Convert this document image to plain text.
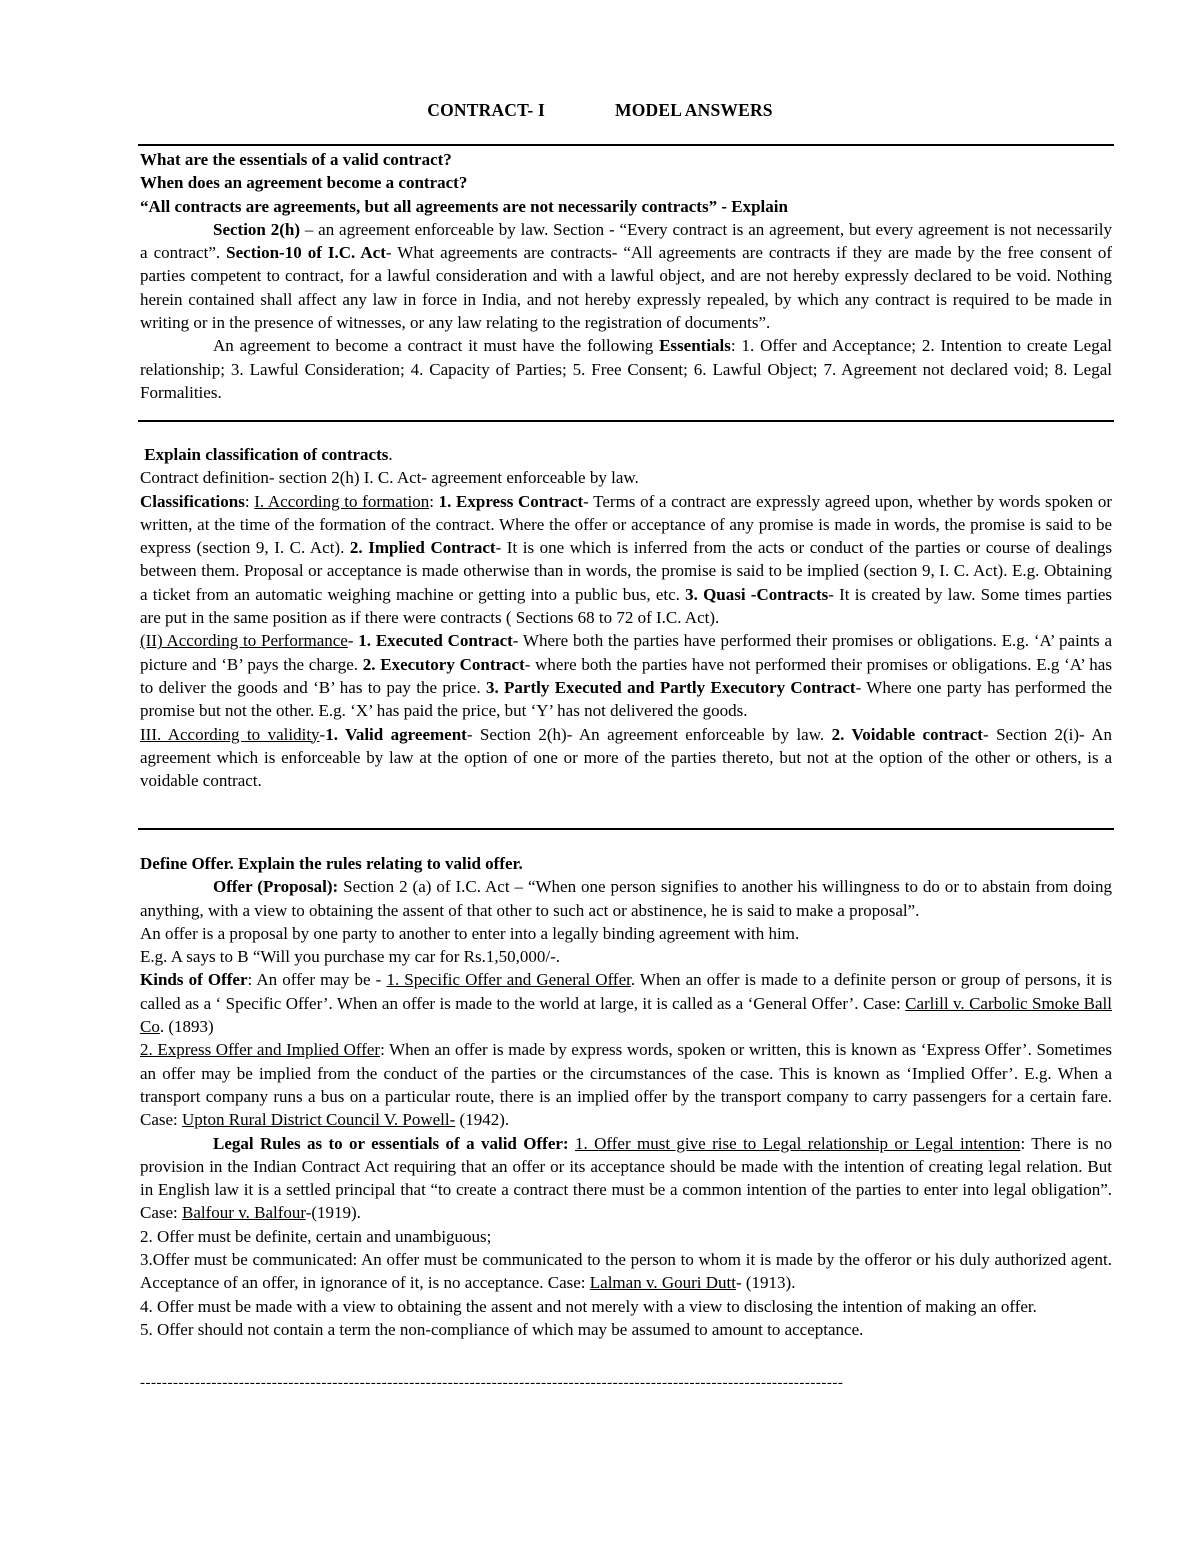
CONTRACT- I	MODEL ANSWERS

What are the essentials of a valid contract?

When does an agreement become a contract?

“All contracts are agreements, but all agreements are not necessarily contracts” - Explain

Section 2(h) – an agreement enforceable by law. Section - “Every contract is an agreement, but every agreement is not necessarily a contract”. Section-10 of I.C. Act- What agreements are contracts- “All agreements are contracts if they are made by the free consent of parties competent to contract, for a lawful consideration and with a lawful object, and are not hereby expressly declared to be void. Nothing herein contained shall affect any law in force in India, and not hereby expressly repealed, by which any contract is required to be made in writing or in the presence of witnesses, or any law relating to the registration of documents”.

An agreement to become a contract it must have the following Essentials: 1. Offer and Acceptance; 2. Intention to create Legal relationship; 3. Lawful Consideration; 4. Capacity of Parties; 5. Free Consent; 6. Lawful Object; 7. Agreement not declared void; 8. Legal Formalities.

Explain classification of contracts.

Contract definition- section 2(h) I. C. Act- agreement enforceable by law.

Classifications: I. According to formation: 1. Express Contract- Terms of a contract are expressly agreed upon, whether by words spoken or written, at the time of the formation of the contract. Where the offer or acceptance of any promise is made in words, the promise is said to be express (section 9, I. C. Act). 2. Implied Contract- It is one which is inferred from the acts or conduct of the parties or course of dealings between them. Proposal or acceptance is made otherwise than in words, the promise is said to be implied (section 9, I. C. Act). E.g. Obtaining a ticket from an automatic weighing machine or getting into a public bus, etc. 3. Quasi -Contracts- It is created by law. Some times parties are put in the same position as if there were contracts ( Sections 68 to 72 of I.C. Act).

(II) According to Performance- 1. Executed Contract- Where both the parties have performed their promises or obligations. E.g. ‘A’ paints a picture and ‘B’ pays the charge. 2. Executory Contract- where both the parties have not performed their promises or obligations. E.g ‘A’ has to deliver the goods and ‘B’ has to pay the price. 3. Partly Executed and Partly Executory Contract- Where one party has performed the promise but not the other. E.g. ‘X’ has paid the price, but ‘Y’ has not delivered the goods.

III. According to validity-1. Valid agreement- Section 2(h)- An agreement enforceable by law. 2. Voidable contract- Section 2(i)- An agreement which is enforceable by law at the option of one or more of the parties thereto, but not at the option of the other or others, is a voidable contract.

Define Offer. Explain the rules relating to valid offer.

Offer (Proposal): Section 2 (a) of I.C. Act – “When one person signifies to another his willingness to do or to abstain from doing anything, with a view to obtaining the assent of that other to such act or abstinence, he is said to make a proposal”.

An offer is a proposal by one party to another to enter into a legally binding agreement with him.

E.g. A says to B “Will you purchase my car for Rs.1,50,000/-.

Kinds of Offer: An offer may be - 1. Specific Offer and General Offer. When an offer is made to a definite person or group of persons, it is called as a ‘ Specific Offer’. When an offer is made to the world at large, it is called as a ‘General Offer’. Case: Carlill v. Carbolic Smoke Ball Co. (1893)

2. Express Offer and Implied Offer: When an offer is made by express words, spoken or written, this is known as ‘Express Offer’. Sometimes an offer may be implied from the conduct of the parties or the circumstances of the case. This is known as ‘Implied Offer’. E.g. When a transport company runs a bus on a particular route, there is an implied offer by the transport company to carry passengers for a certain fare. Case: Upton Rural District Council V. Powell- (1942).

Legal Rules as to or essentials of a valid Offer: 1. Offer must give rise to Legal relationship or Legal intention: There is no provision in the Indian Contract Act requiring that an offer or its acceptance should be made with the intention of creating legal relation. But in English law it is a settled principal that “to create a contract there must be a common intention of the parties to enter into legal obligation”. Case: Balfour v. Balfour-(1919).

2. Offer must be definite, certain and unambiguous;

3.Offer must be communicated: An offer must be communicated to the person to whom it is made by the offeror or his duly authorized agent. Acceptance of an offer, in ignorance of it, is no acceptance. Case: Lalman v. Gouri Dutt- (1913).

4. Offer must be made with a view to obtaining the assent and not merely with a view to disclosing the intention of making an offer.

5. Offer should not contain a term the non-compliance of which may be assumed to amount to acceptance.

--------------------------------------------------------------------------------------------------------------------------------
